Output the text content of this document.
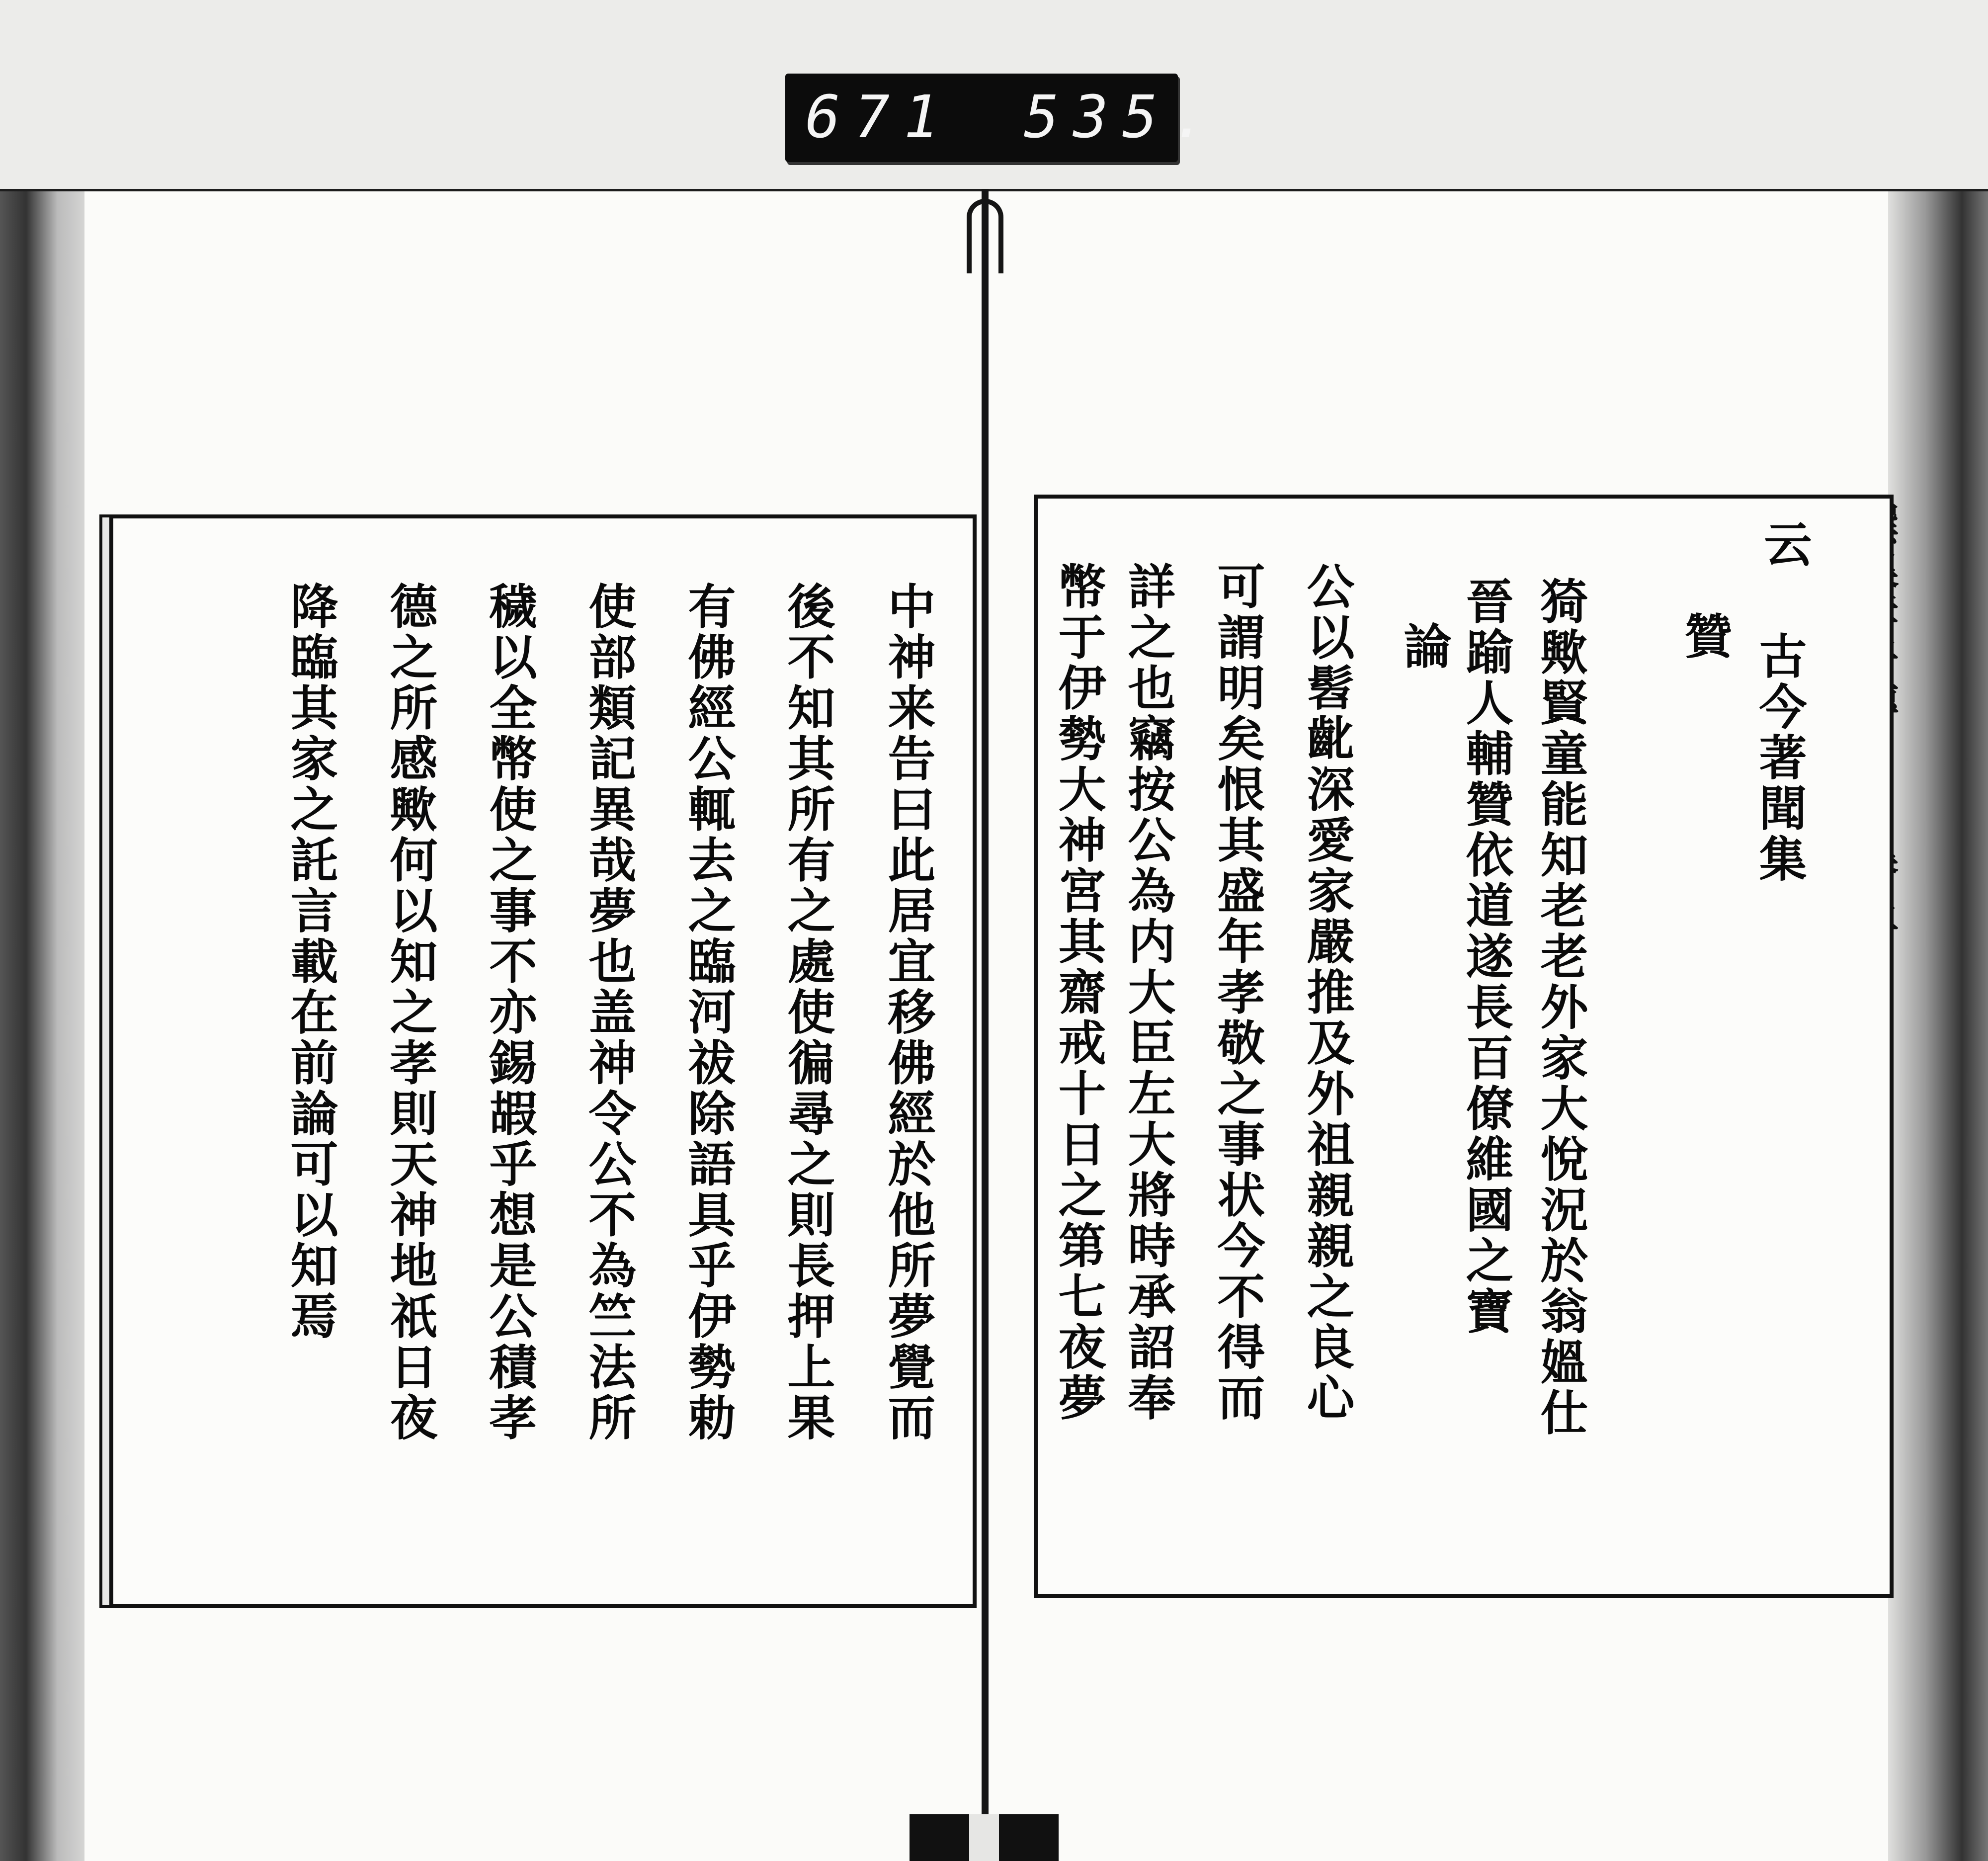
671 535.
中神来告曰此居宜移佛經於他所夢覺而
後不知其所有之處使徧尋之則長押上果
有佛經公輒去之臨河祓除語具乎伊勢勅
使部類記異哉夢也盖神令公不為竺法所
穢以全幣使之事不亦錫嘏乎想是公積孝
德之所感歟何以知之孝則天神地祇日夜
降臨其家之託言載在前論可以知焉
云
古今著聞集
贊
猗歟賢童能知老老外家大悅況於翁媼仕
晉踰人輔贊依道遂長百僚維國之寶
論
公以髫齔深愛家嚴推及外祖親親之良心
可謂明矣恨其盛年孝敬之事状今不得而
詳之也竊按公為内大臣左大將時承詔奉
幣于伊勢大神宮其齋戒十日之第七夜夢
